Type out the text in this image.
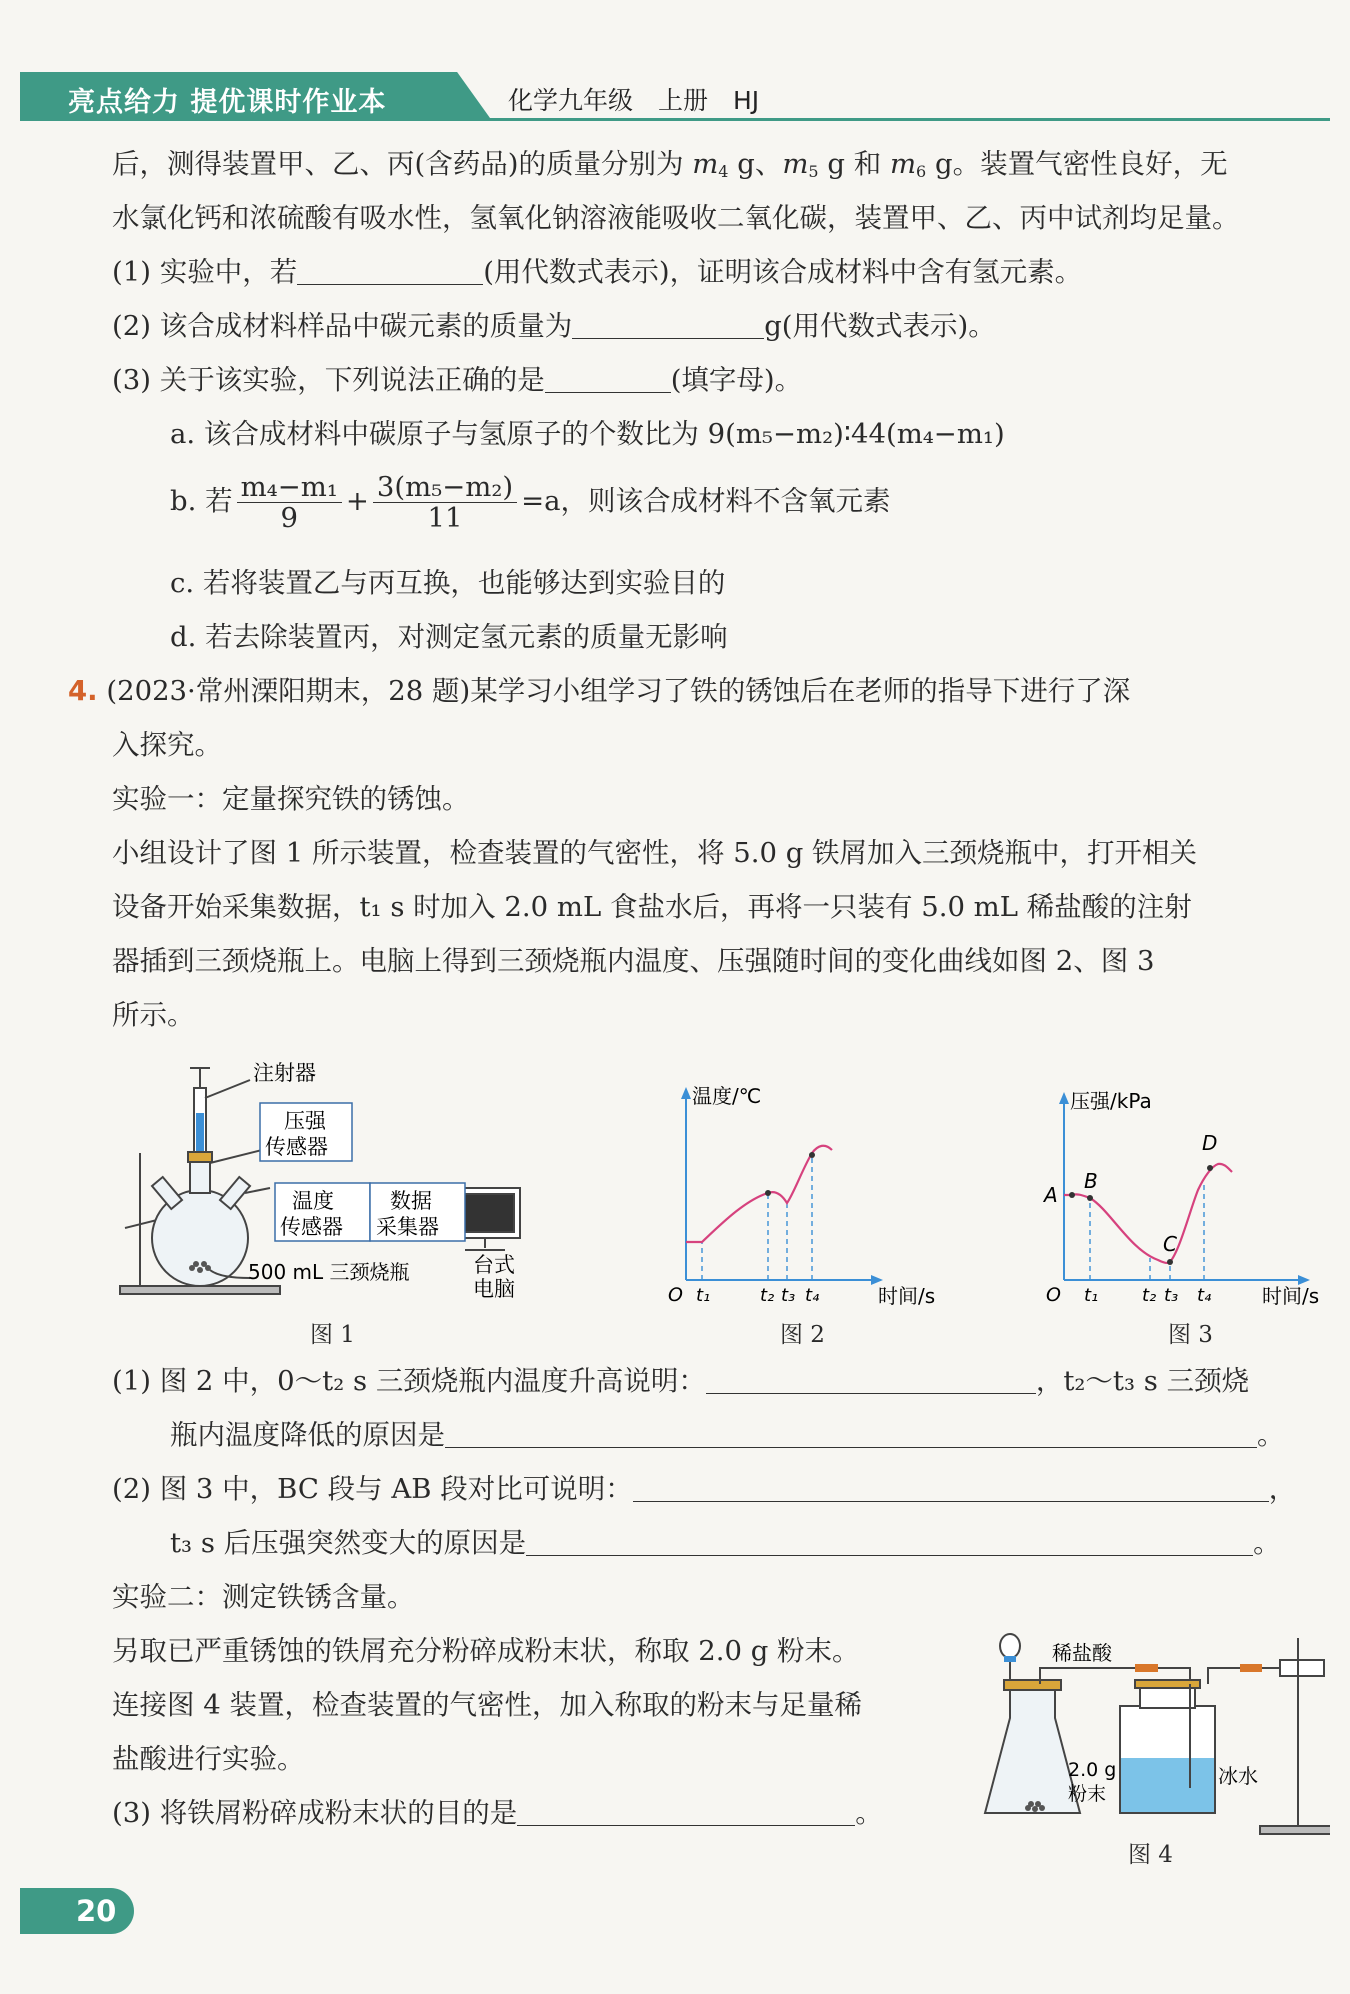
亮点给力 提优课时作业本	化学九年级　上册　HJ
后，测得装置甲、乙、丙(含药品)的质量分别为 $m_4$ g、$m_5$ g 和 $m_6$ g。装置气密性良好，无
水氯化钙和浓硫酸有吸水性，氢氧化钠溶液能吸收二氧化碳，装置甲、乙、丙中试剂均足量。
(1) 实验中，若	(用代数式表示)，证明该合成材料中含有氢元素。
(2) 该合成材料样品中碳元素的质量为	g(用代数式表示)。
(3) 关于该实验，下列说法正确的是	(填字母)。
a. 该合成材料中碳原子与氢原子的个数比为 9(m₅−m₂)∶44(m₄−m₁)
b. 若 $\frac{\text{m₄−m₁}}{9} + \frac{\text{3(m₅−m₂)}}{11} =a$，则该合成材料不含氧元素
c. 若将装置乙与丙互换，也能够达到实验目的
d. 若去除装置丙，对测定氢元素的质量无影响
4. (2023·常州溧阳期末，28 题)某学习小组学习了铁的锈蚀后在老师的指导下进行了深
入探究。
实验一：定量探究铁的锈蚀。
小组设计了图 1 所示装置，检查装置的气密性，将 5.0 g 铁屑加入三颈烧瓶中，打开相关
设备开始采集数据，t₁ s 时加入 2.0 mL 食盐水后，再将一只装有 5.0 mL 稀盐酸的注射
器插到三颈烧瓶上。电脑上得到三颈烧瓶内温度、压强随时间的变化曲线如图 2、图 3
所示。
注射器
压强
传感器
温度
传感器
数据
采集器
500 mL 三颈烧瓶	台式
电脑
图 1
温度/℃
时间/s
O t₁	t₂ t₃ t₄
图 2
压强/kPa
时间/s
O t₁ t₂ t₃ t₄
A
B
C
D
图 3
(1) 图 2 中，0～t₂ s 三颈烧瓶内温度升高说明：	，t₂～t₃ s 三颈烧
瓶内温度降低的原因是	。
(2) 图 3 中，BC 段与 AB 段对比可说明：	，
t₃ s 后压强突然变大的原因是	。
实验二：测定铁锈含量。
另取已严重锈蚀的铁屑充分粉碎成粉末状，称取 2.0 g 粉末。
连接图 4 装置，检查装置的气密性，加入称取的粉末与足量稀
盐酸进行实验。
(3) 将铁屑粉碎成粉末状的目的是	。
稀盐酸
2.0 g
粉末
冰水
图 4
20
